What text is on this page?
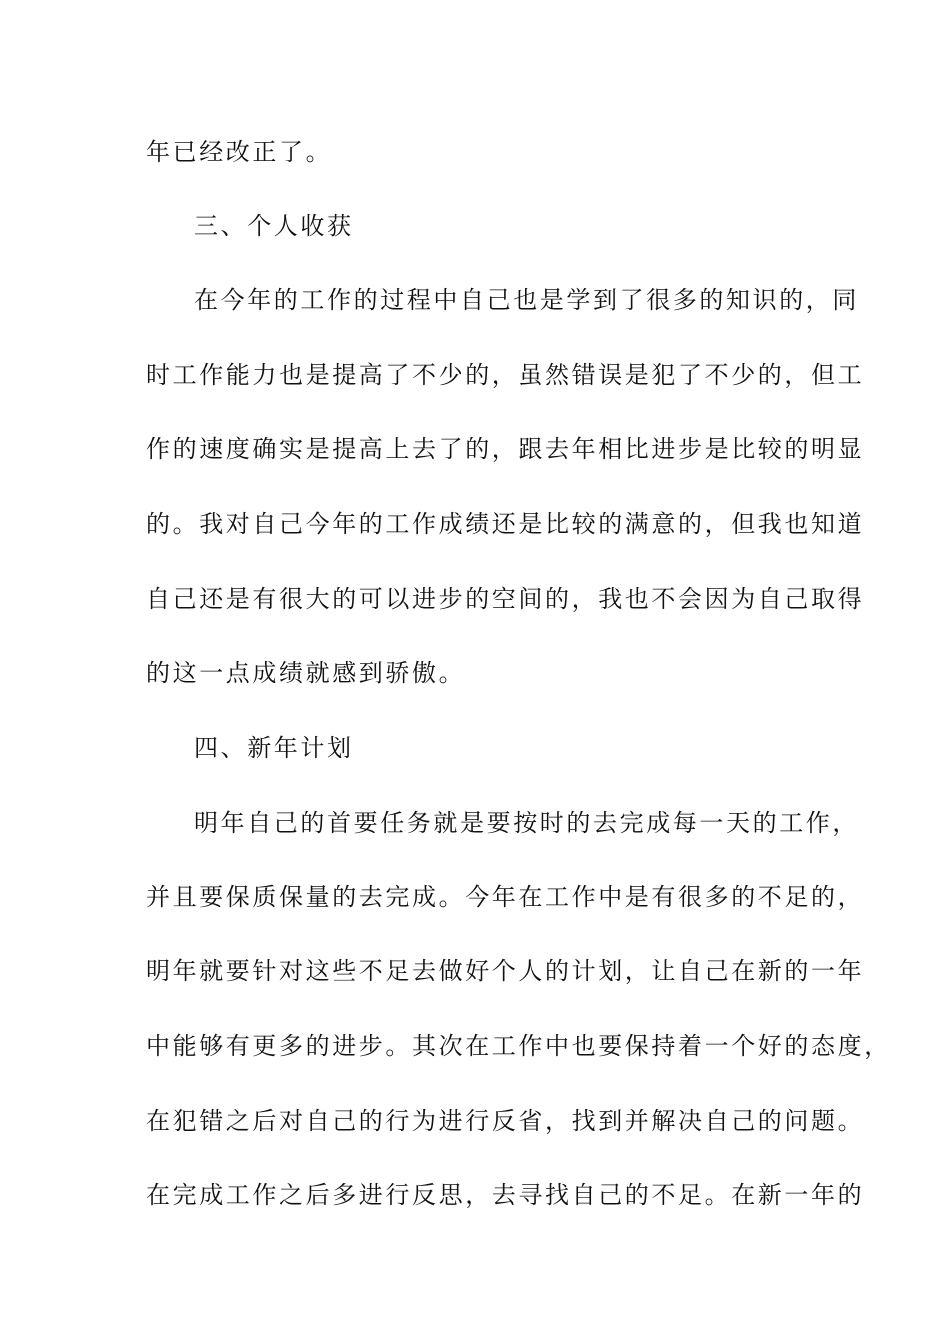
年已经改正了。
三、个人收获
在今年的工作的过程中自己也是学到了很多的知识的，同
时工作能力也是提高了不少的，虽然错误是犯了不少的，但工
作的速度确实是提高上去了的，跟去年相比进步是比较的明显
的。我对自己今年的工作成绩还是比较的满意的，但我也知道
自己还是有很大的可以进步的空间的，我也不会因为自己取得
的这一点成绩就感到骄傲。
四、新年计划
明年自己的首要任务就是要按时的去完成每一天的工作，
并且要保质保量的去完成。今年在工作中是有很多的不足的，
明年就要针对这些不足去做好个人的计划，让自己在新的一年
中能够有更多的进步。其次在工作中也要保持着一个好的态度，
在犯错之后对自己的行为进行反省，找到并解决自己的问题。
在完成工作之后多进行反思，去寻找自己的不足。在新一年的
